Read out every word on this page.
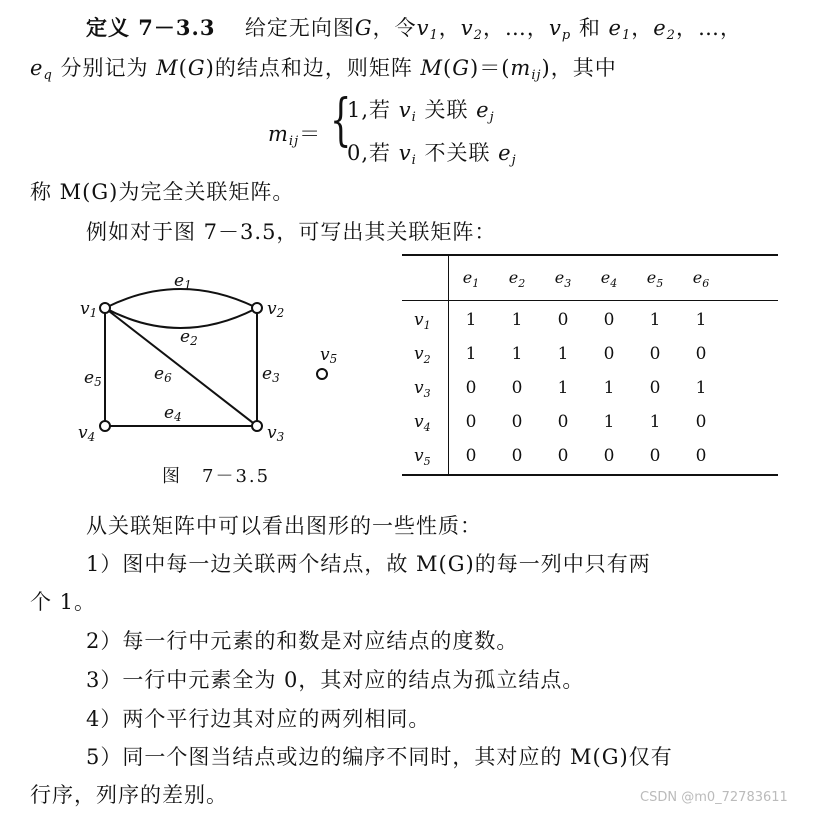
定义 7－3.3 给定无向图G，令$v_1$，$v_2$，…，$v_p$ 和 $e_1$，$e_2$，…，
$e_q$ 分别记为 M(G)的结点和边，则矩阵 $M(G)=(m_{ij})$，其中
$m_{ij}=$ {
1,若 $v_i$ 关联 $e_j$
0,若 $v_i$ 不关联 $e_j$
称 M(G)为完全关联矩阵。
例如对于图 7－3.5，可写出其关联矩阵：
v1	v2
v3
v4
v5
e1
e2
e3
e4
e5	e6
图　7－3.5
$e_1$	$e_2$	$e_3$	$e_4$	$e_5$	$e_6$
$v_1$	1	1	0	0	1	1
$v_2$	1	1	1	0	0	0
$v_3$	0	0	1	1	0	1
$v_4$	0	0	0	1	1	0
$v_5$	0	0	0	0	0	0
从关联矩阵中可以看出图形的一些性质：
1）图中每一边关联两个结点，故 M(G)的每一列中只有两
个 1。
2）每一行中元素的和数是对应结点的度数。
3）一行中元素全为 0，其对应的结点为孤立结点。
4）两个平行边其对应的两列相同。
5）同一个图当结点或边的编序不同时，其对应的 M(G)仅有
行序，列序的差别。	CSDN @m0_72783611
